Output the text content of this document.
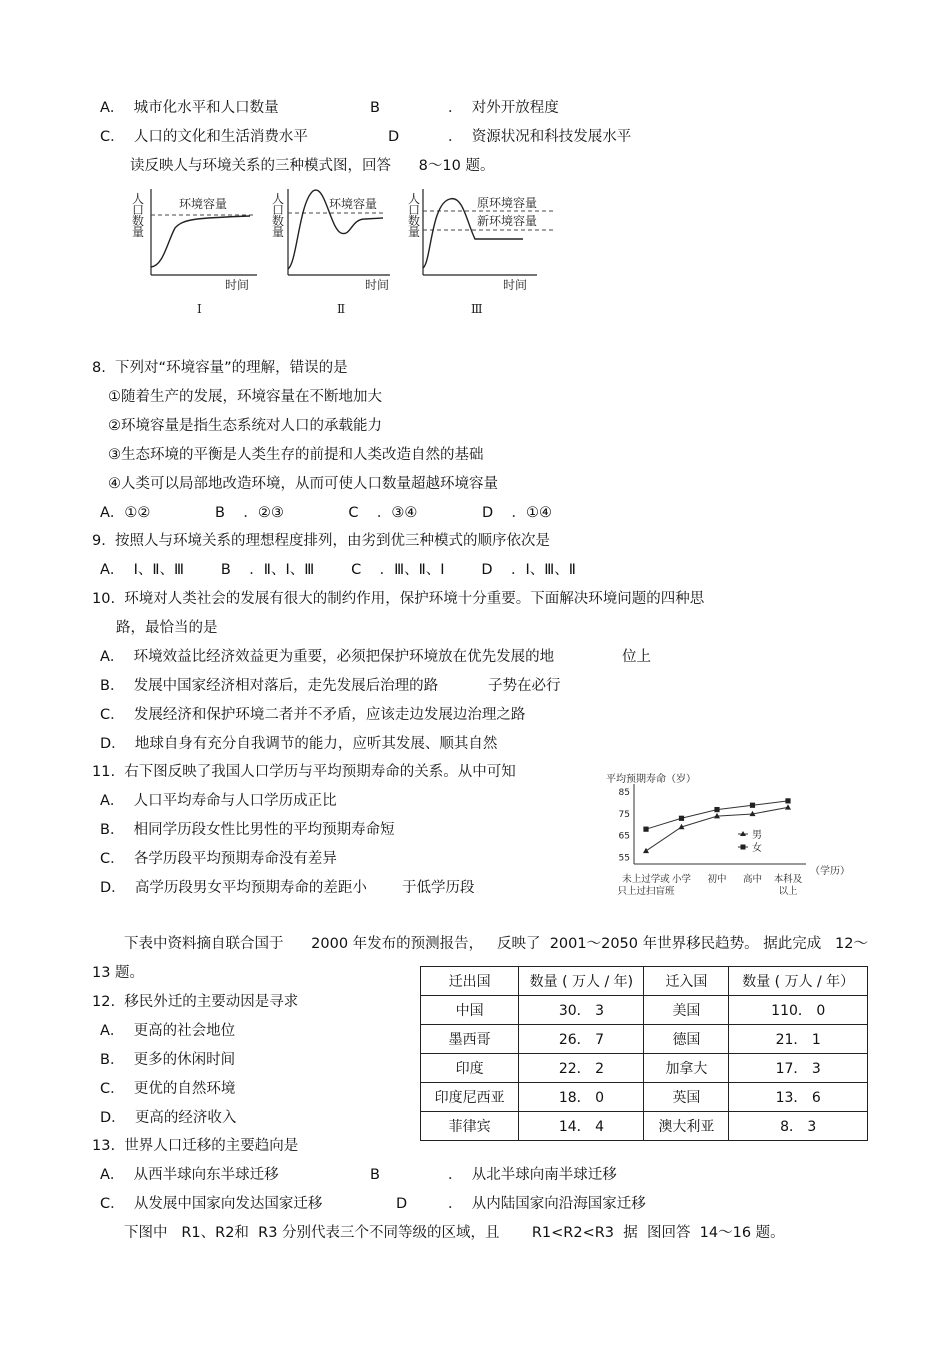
A．  城市化水平和人口数量	B	．  对外开放程度
C．  人口的文化和生活消费水平	D	．  资源状况和科技发展水平
读反映人与环境关系的三种模式图，回答      8～10 题。
人
口
数
量
环境容量
时间
Ⅰ
人
口
数
量
环境容量
时间
Ⅱ
人
口
数
量
原环境容量
新环境容量
时间
Ⅲ
8.  下列对“环境容量”的理解，错误的是
①随着生产的发展，环境容量在不断地加大
②环境容量是指生态系统对人口的承载能力
③生态环境的平衡是人类生存的前提和人类改造自然的基础
④人类可以局部地改造环境，从而可使人口数量超越环境容量
A．①②              B    ．②③              C    ．③④              D    ．①④
9.  按照人与环境关系的理想程度排列，由劣到优三种模式的顺序依次是
A．  Ⅰ、Ⅱ、Ⅲ        B    ．Ⅱ、Ⅰ、Ⅲ        C    ．Ⅲ、Ⅱ、Ⅰ        D    ．Ⅰ、Ⅲ、Ⅱ
10.  环境对人类社会的发展有很大的制约作用，保护环境十分重要。下面解决环境问题的四种思
路，最恰当的是
A．  环境效益比经济效益更为重要，必须把保护环境放在优先发展的地	位上
B．  发展中国家经济相对落后，走先发展后治理的路	子势在必行
C．  发展经济和保护环境二者并不矛盾，应该走边发展边治理之路
D．  地球自身有充分自我调节的能力，应听其发展、顺其自然
11.  右下图反映了我国人口学历与平均预期寿命的关系。从中可知
A．  人口平均寿命与人口学历成正比
B．  相同学历段女性比男性的平均预期寿命短
C．  各学历段平均预期寿命没有差异
D．  高学历段男女平均预期寿命的差距小 于低学历段
平均预期寿命（岁）
85
75
65
55
（学历）
未上过学或
只上过扫盲班
小学 初中 高中 本科及
以上
男
女
下表中资料摘自联合国于      2000 年发布的预测报告，   反映了  2001～2050 年世界移民趋势。 据此完成   12～
13 题。
迁出国	数量 ( 万人 / 年)	迁入国	数量 ( 万人 / 年）
中国	30． 3	美国	110． 0
墨西哥	26． 7	德国	21． 1
印度	22． 2	加拿大	17． 3
印度尼西亚	18． 0	英国	13． 6
菲律宾	14． 4	澳大利亚	8． 3
12.  移民外迁的主要动因是寻求
A．  更高的社会地位
B．  更多的休闲时间
C．  更优的自然环境
D．  更高的经济收入
13.  世界人口迁移的主要趋向是
A．  从西半球向东半球迁移	B	．  从北半球向南半球迁移
C．  从发展中国家向发达国家迁移	D	．  从内陆国家向沿海国家迁移
下图中   R1、R2和  R3 分别代表三个不同等级的区域，且       R1<R2<R3  据  图回答  14～16 题。
